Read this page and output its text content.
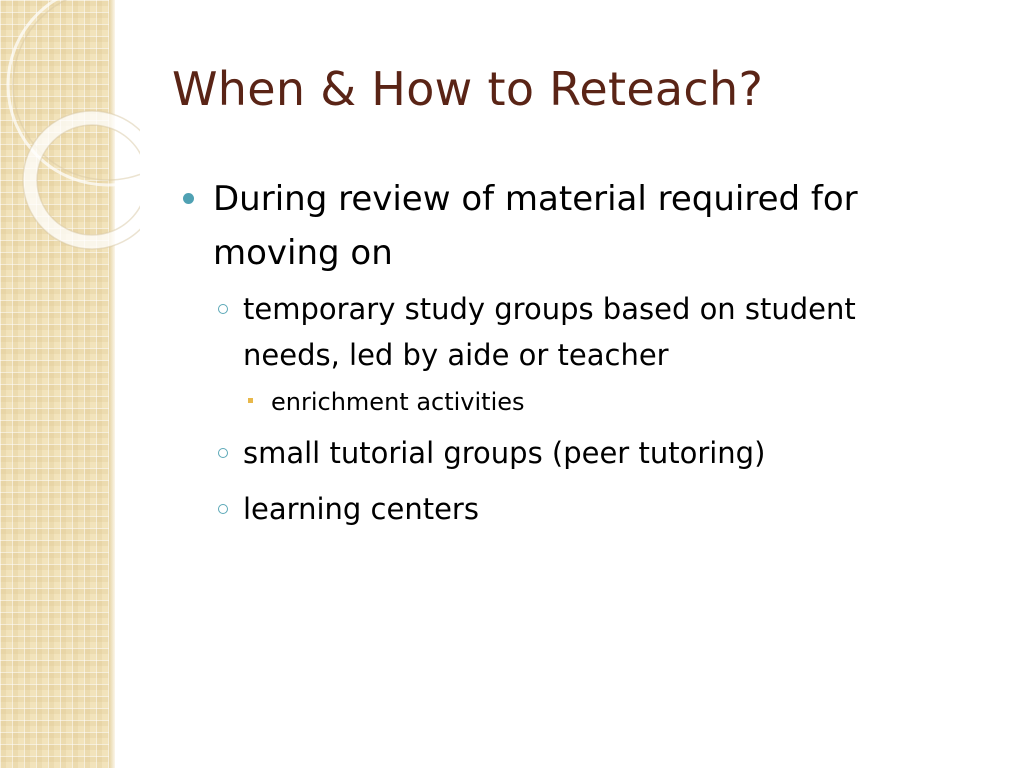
When & How to Reteach?
During review of material required for moving on
temporary study groups based on student needs, led by aide or teacher
enrichment activities
small tutorial groups (peer tutoring)
learning centers
